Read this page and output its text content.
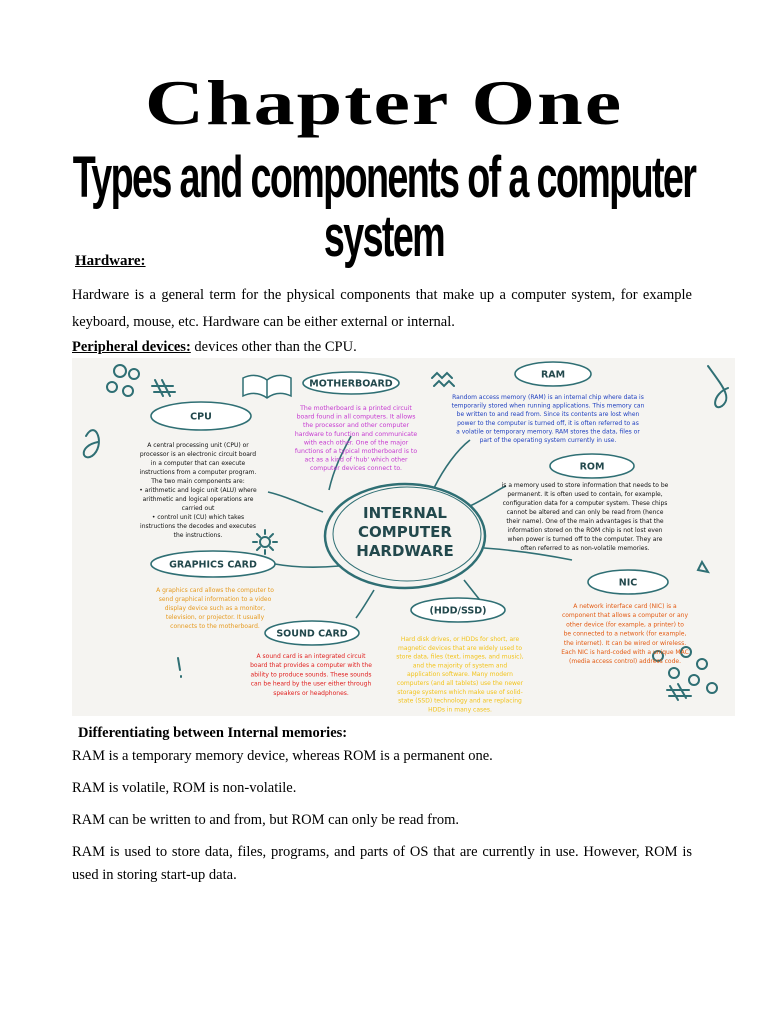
Chapter One
Types and components of a computer system
Hardware:
Hardware is a general term for the physical components that make up a computer system, for example keyboard, mouse, etc. Hardware can be either external or internal.
Peripheral devices: devices other than the CPU.
INTERNAL
COMPUTER
HARDWARE
MOTHERBOARD
The motherboard is a printed circuit board found in all computers. It allows the processor and other computer hardware to function and communicate with each other. One of the major functions of a typical motherboard is to act as a kind of 'hub' which other computer devices connect to.
RAM
Random access memory (RAM) is an internal chip where data is temporarily stored when running applications. This memory can be written to and read from. Since its contents are lost when power to the computer is turned off, it is often referred to as a volatile or temporary memory. RAM stores the data, files or part of the operating system currently in use.
CPU
A central processing unit (CPU) or processor is an electronic circuit board in a computer that can execute instructions from a computer program. The two main components are: • arithmetic and logic unit (ALU) where arithmetic and logical operations are carried out • control unit (CU) which takes instructions the decodes and executes the instructions.
ROM
is a memory used to store information that needs to be permanent. It is often used to contain, for example, configuration data for a computer system. These chips cannot be altered and can only be read from (hence their name). One of the main advantages is that the information stored on the ROM chip is not lost even when power is turned off to the computer. They are often referred to as non-volatile memories.
GRAPHICS CARD
A graphics card allows the computer to send graphical information to a video display device such as a monitor, television, or projector. It usually connects to the motherboard.
NIC
A network interface card (NIC) is a component that allows a computer or any other device (for example, a printer) to be connected to a network (for example, the internet). It can be wired or wireless. Each NIC is hard-coded with a unique MAC (media access control) address code.
SOUND CARD
A sound card is an integrated circuit board that provides a computer with the ability to produce sounds. These sounds can be heard by the user either through speakers or headphones.
(HDD/SSD)
Hard disk drives, or HDDs for short, are magnetic devices that are widely used to store data, files (text, images, and music), and the majority of system and application software. Many modern computers (and all tablets) use the newer storage systems which make use of solid-state (SSD) technology and are replacing HDDs in many cases.
Differentiating between Internal memories:

RAM is a temporary memory device, whereas ROM is a permanent one.

RAM is volatile, ROM is non-volatile.

RAM can be written to and from, but ROM can only be read from.

RAM is used to store data, files, programs, and parts of OS that are currently in use. However, ROM is used in storing start-up data.
